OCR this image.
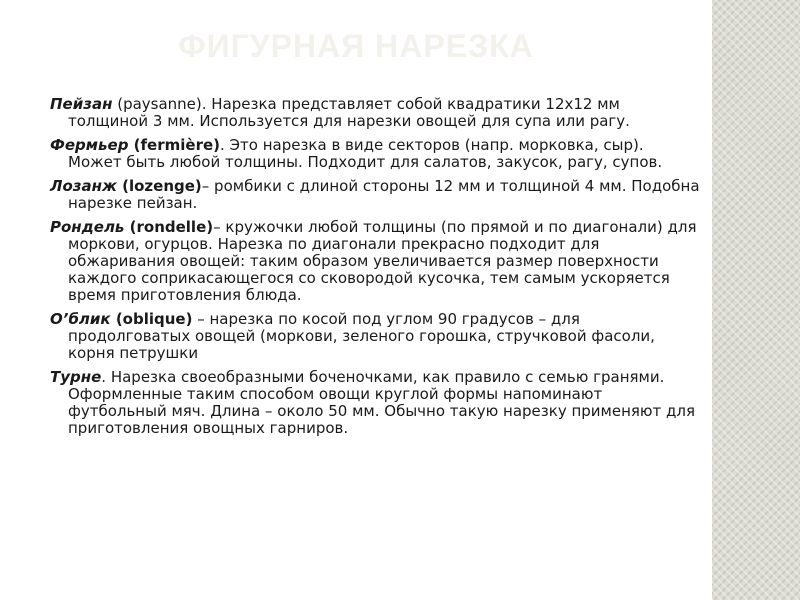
ФИГУРНАЯ НАРЕЗКА

Пейзан (paysanne). Нарезка представляет собой квадратики 12х12 мм толщиной 3 мм. Используется для нарезки овощей для супа или рагу.

Фермьер (fermière). Это нарезка в виде секторов (напр. морковка, сыр). Может быть любой толщины. Подходит для салатов, закусок, рагу, супов.

Лозанж (lozenge)– ромбики с длиной стороны 12 мм и толщиной 4 мм. Подобна нарезке пейзан.

Рондель (rondelle)– кружочки любой толщины (по прямой и по диагонали) для моркови, огурцов. Нарезка по диагонали прекрасно подходит для обжаривания овощей: таким образом увеличивается размер поверхности каждого соприкасающегося со сковородой кусочка, тем самым ускоряется время приготовления блюда.

О’блик (oblique) – нарезка по косой под углом 90 градусов – для продолговатых овощей (моркови, зеленого горошка, стручковой фасоли, корня петрушки

Турне. Нарезка своеобразными боченочками, как правило с семью гранями. Оформленные таким способом овощи круглой формы напоминают футбольный мяч. Длина – около 50 мм. Обычно такую нарезку применяют для приготовления овощных гарниров.
